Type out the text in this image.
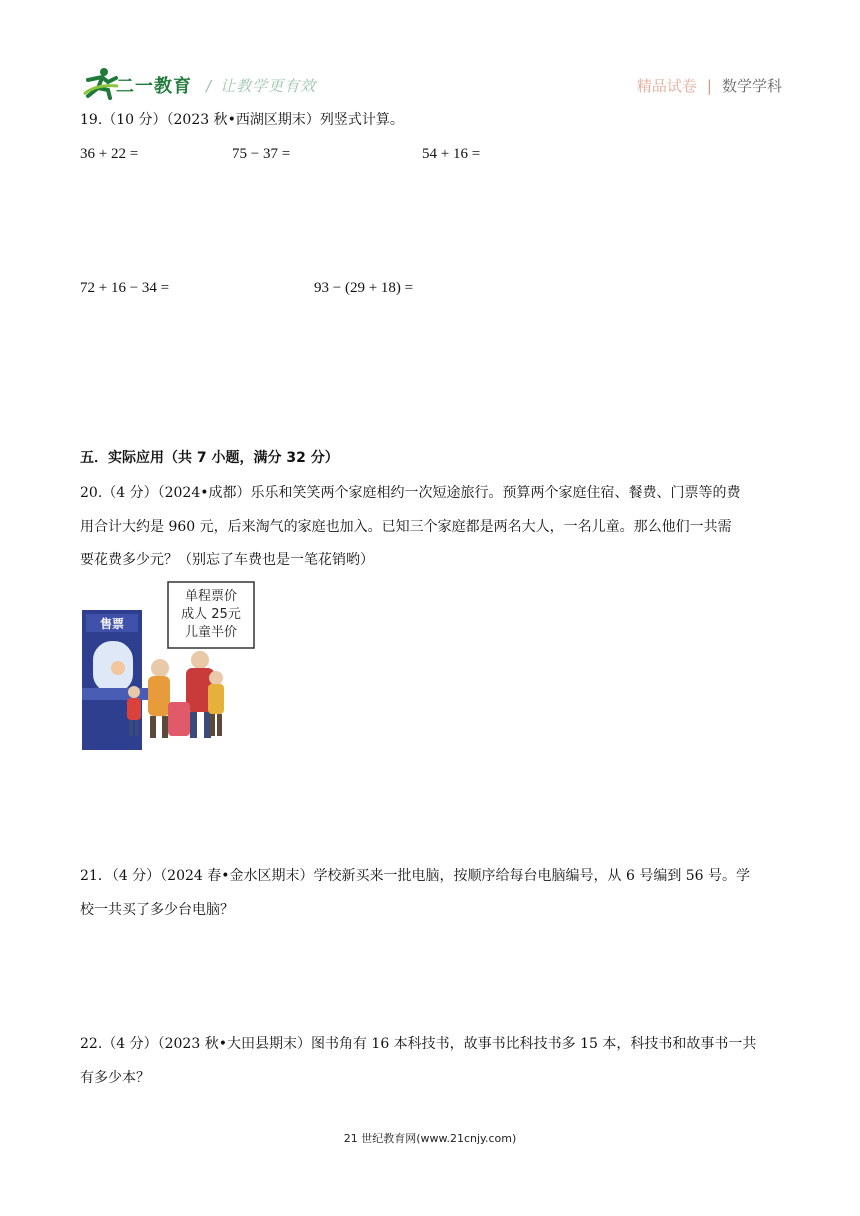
二一教育 / 让教学更有效	精品试卷 | 数学学科
19.（10 分）（2023 秋•西湖区期末）列竖式计算。
36 + 22 =	75 − 37 =	54 + 16 =
72 + 16 − 34 =	93 − (29 + 18) =
五．实际应用（共 7 小题，满分 32 分）
20.（4 分）（2024•成都）乐乐和笑笑两个家庭相约一次短途旅行。预算两个家庭住宿、餐费、门票等的费
用合计大约是 960 元，后来淘气的家庭也加入。已知三个家庭都是两名大人，一名儿童。那么他们一共需
要花费多少元？（别忘了车费也是一笔花销哟）
售票
单程票价
成人 25元
儿童半价
21．（4 分）（2024 春•金水区期末）学校新买来一批电脑，按顺序给每台电脑编号，从 6 号编到 56 号。学
校一共买了多少台电脑？
22.（4 分）（2023 秋•大田县期末）图书角有 16 本科技书，故事书比科技书多 15 本，科技书和故事书一共
有多少本？
21 世纪教育网(www.21cnjy.com)
